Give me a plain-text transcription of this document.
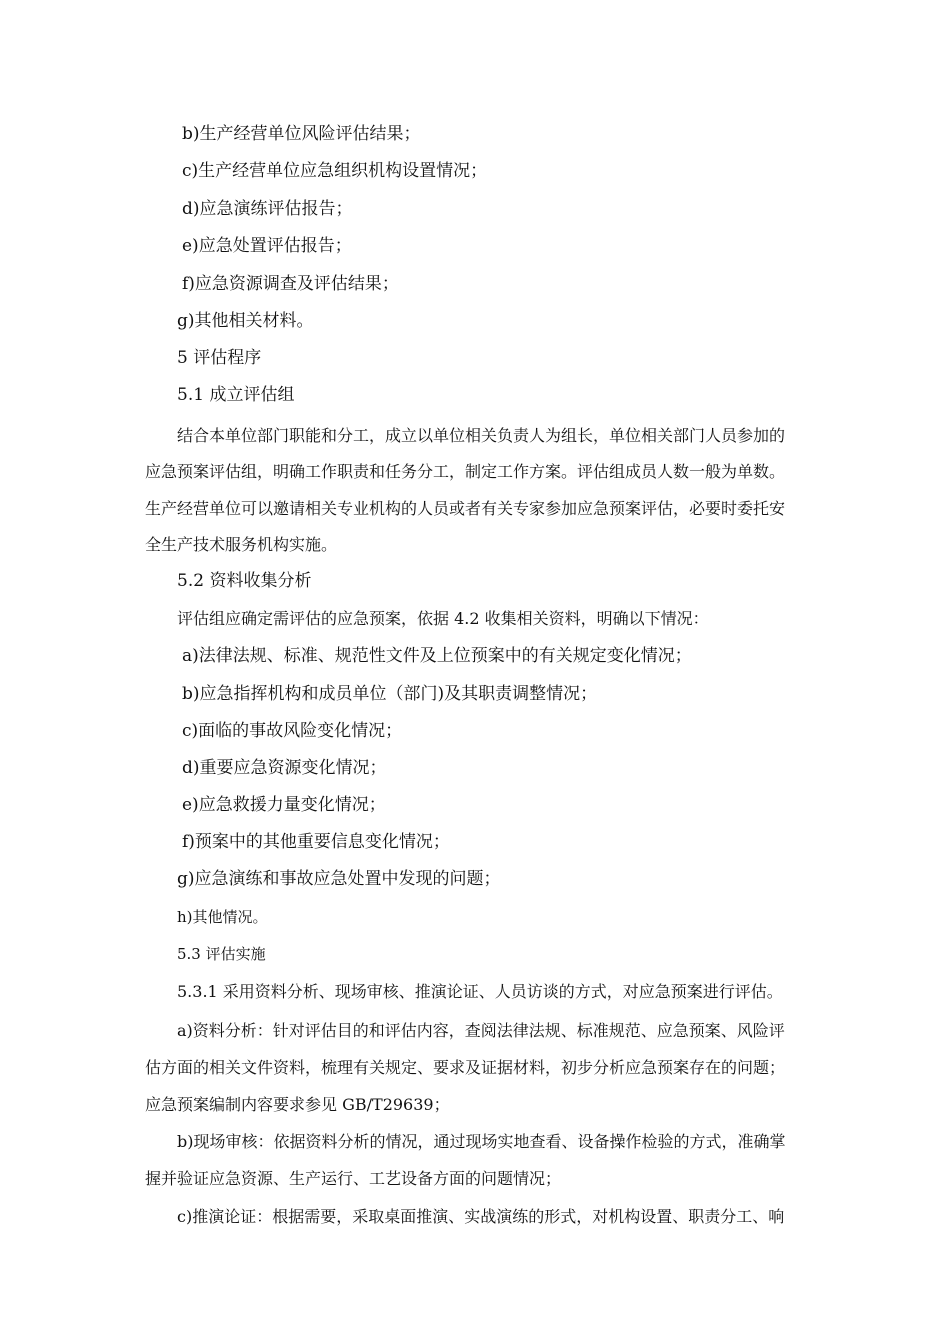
b)生产经营单位风险评估结果；
c)生产经营单位应急组织机构设置情况；
d)应急演练评估报告；
e)应急处置评估报告；
f)应急资源调查及评估结果；
g)其他相关材料。
5 评估程序
5.1 成立评估组
结合本单位部门职能和分工，成立以单位相关负责人为组长，单位相关部门人员参加的
应急预案评估组，明确工作职责和任务分工，制定工作方案。评估组成员人数一般为单数。
生产经营单位可以邀请相关专业机构的人员或者有关专家参加应急预案评估，必要时委托安
全生产技术服务机构实施。
5.2 资料收集分析
评估组应确定需评估的应急预案，依据 4.2 收集相关资料，明确以下情况：
a)法律法规、标准、规范性文件及上位预案中的有关规定变化情况；
b)应急指挥机构和成员单位（部门)及其职责调整情况；
c)面临的事故风险变化情况；
d)重要应急资源变化情况；
e)应急救援力量变化情况；
f)预案中的其他重要信息变化情况；
g)应急演练和事故应急处置中发现的问题；
h)其他情况。
5.3 评估实施
5.3.1 采用资料分析、现场审核、推演论证、人员访谈的方式，对应急预案进行评估。
a)资料分析：针对评估目的和评估内容，查阅法律法规、标准规范、应急预案、风险评
估方面的相关文件资料，梳理有关规定、要求及证据材料，初步分析应急预案存在的问题；
应急预案编制内容要求参见 GB/T29639；
b)现场审核：依据资料分析的情况，通过现场实地查看、设备操作检验的方式，准确掌
握并验证应急资源、生产运行、工艺设备方面的问题情况；
c)推演论证：根据需要，采取桌面推演、实战演练的形式，对机构设置、职责分工、响
